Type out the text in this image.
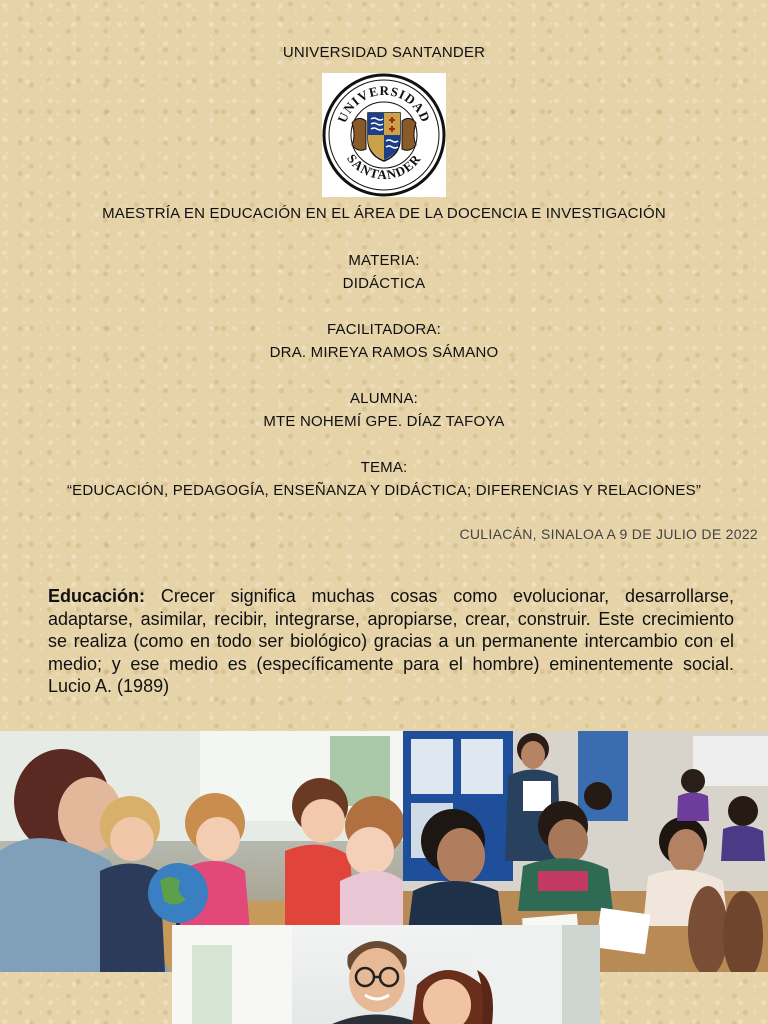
UNIVERSIDAD SANTANDER
UNIVERSIDAD
SANTANDER
MAESTRÍA EN EDUCACIÓN EN EL ÁREA DE LA DOCENCIA E INVESTIGACIÓN
MATERIA:
DIDÁCTICA
FACILITADORA:
DRA. MIREYA RAMOS SÁMANO
ALUMNA:
MTE NOHEMÍ GPE. DÍAZ TAFOYA
TEMA:
“EDUCACIÓN, PEDAGOGÍA, ENSEÑANZA Y DIDÁCTICA; DIFERENCIAS Y RELACIONES”
CULIACÁN, SINALOA A 9 DE JULIO DE 2022
Educación: Crecer significa muchas cosas como evolucionar, desarrollarse, adaptarse, asimilar, recibir, integrarse, apropiarse, crear, construir. Este crecimiento se realiza (como en todo ser biológico) gracias a un permanente intercambio con el medio; y ese medio es (específicamente para el hombre) eminentemente social. Lucio A. (1989)
